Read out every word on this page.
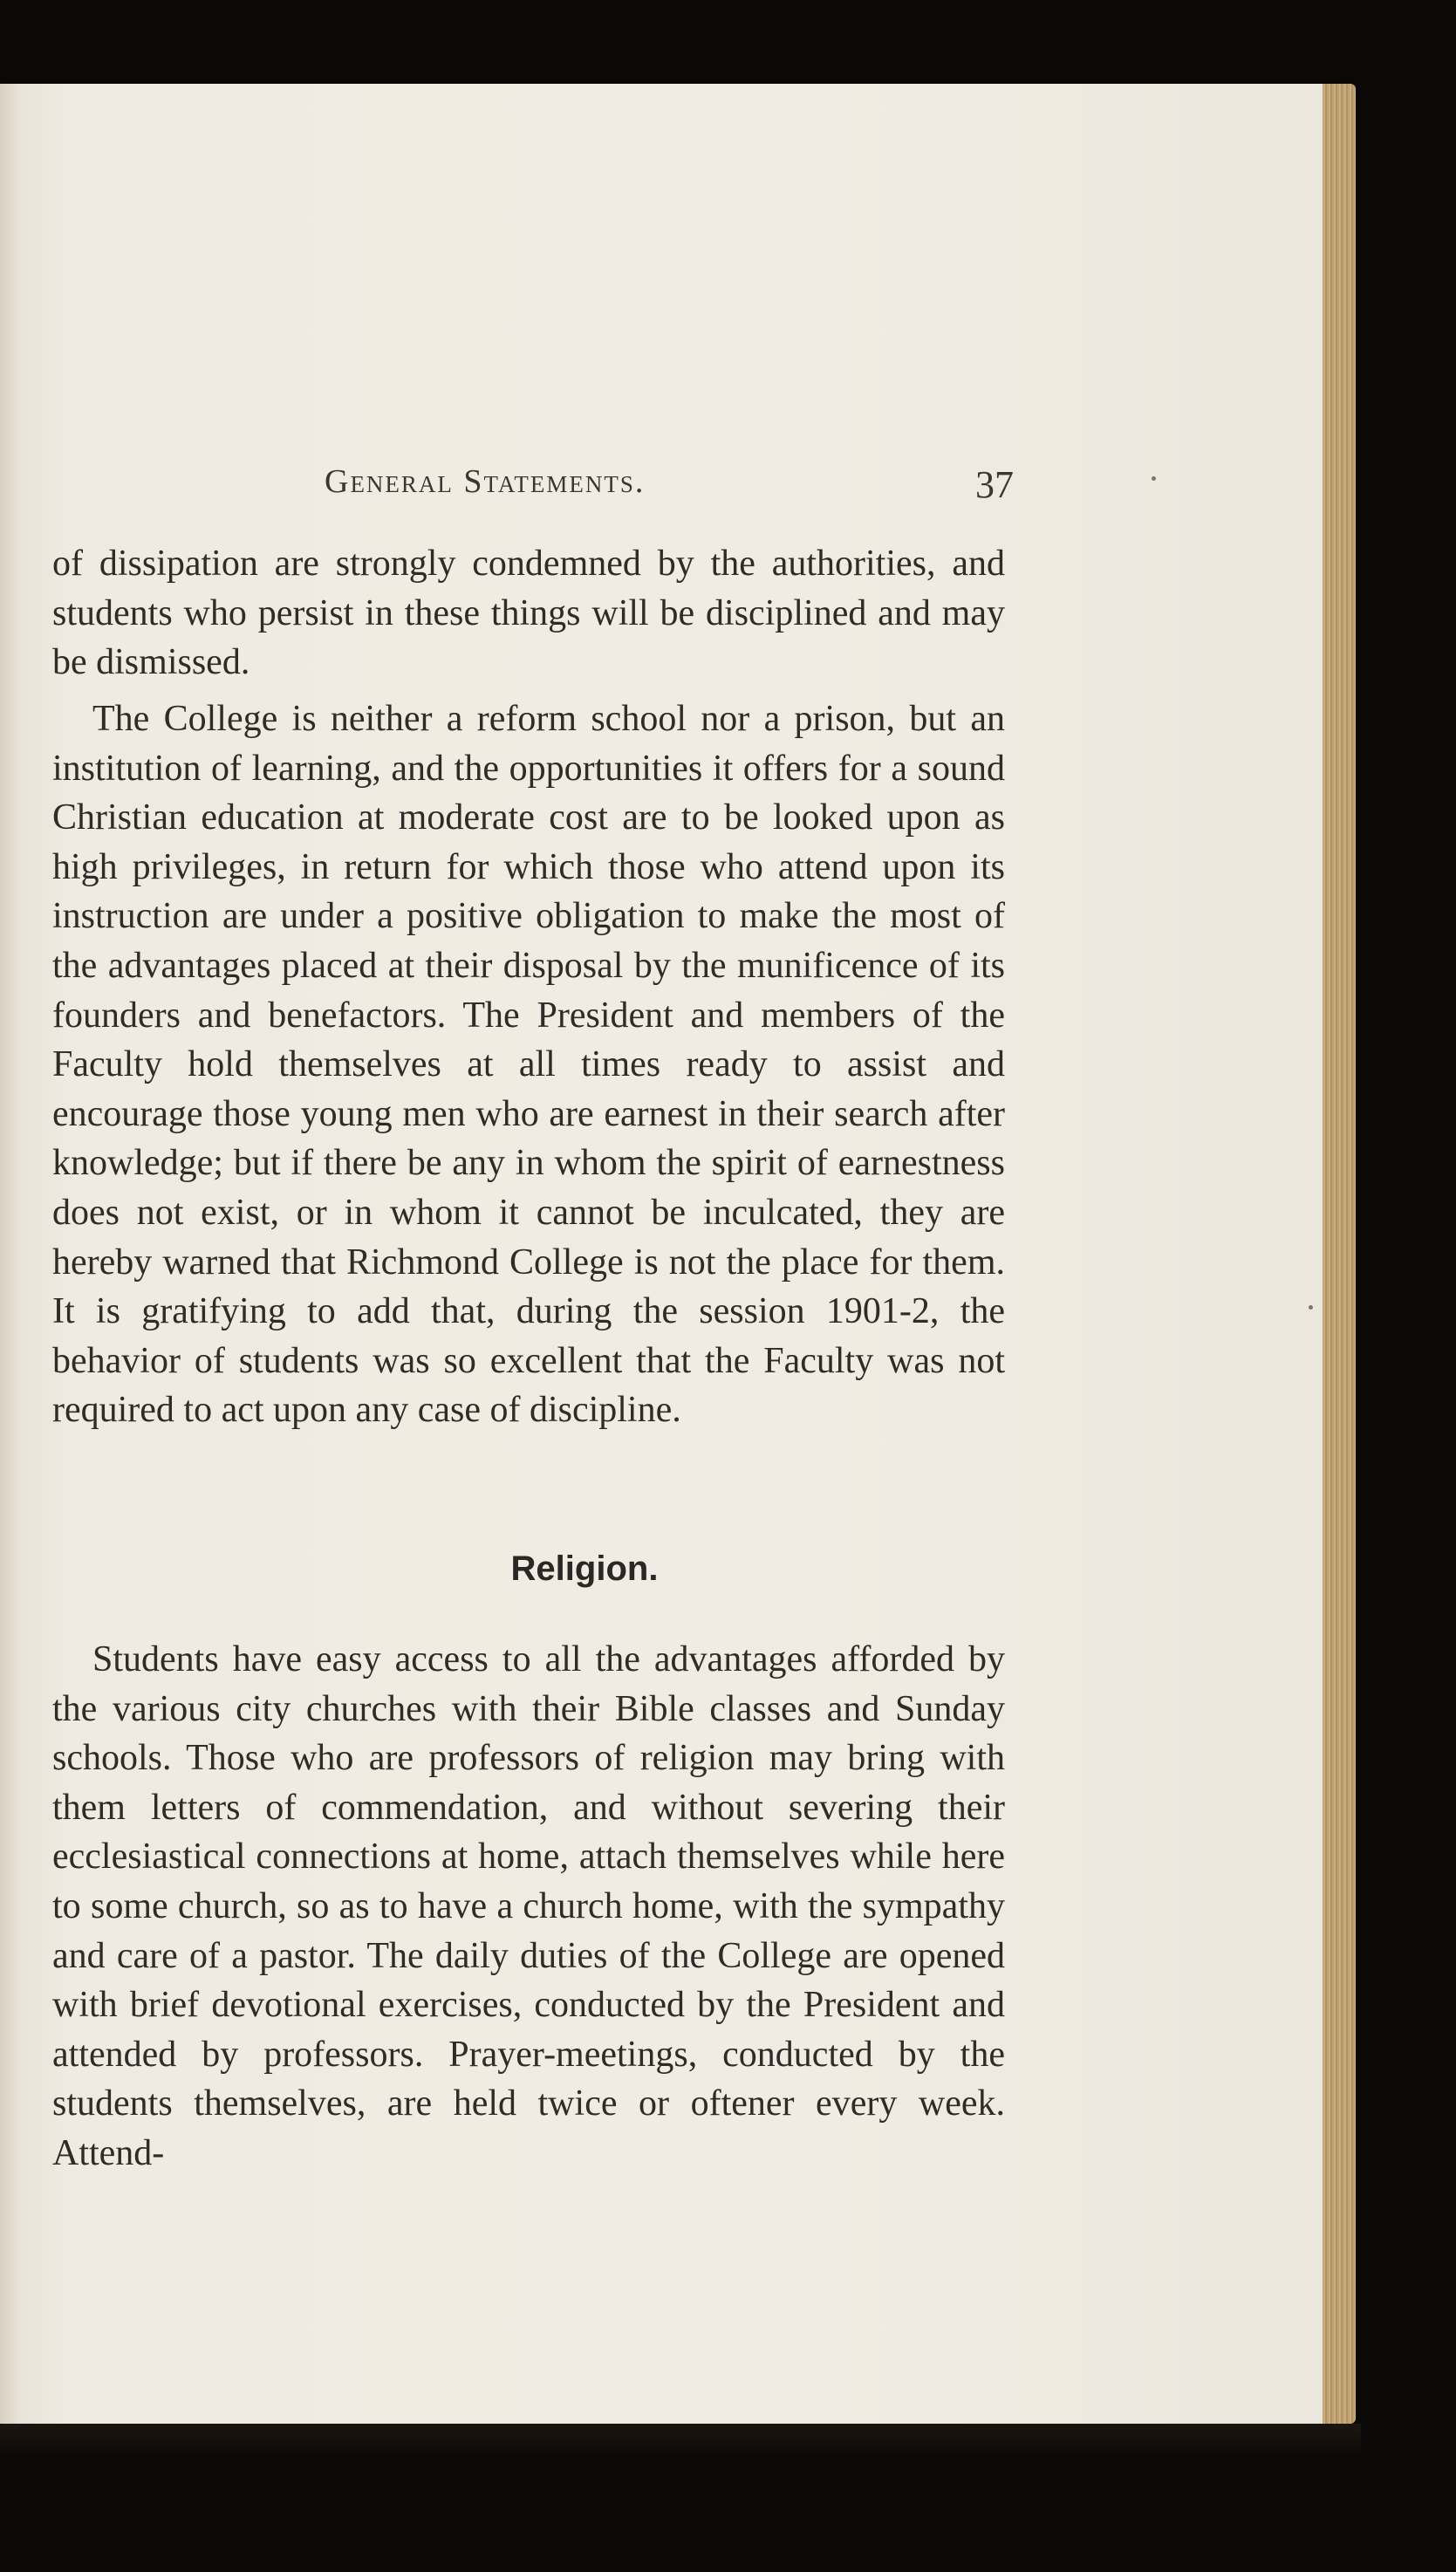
General Statements.	37

of dissipation are strongly condemned by the authorities, and students who persist in these things will be disciplined and may be dismissed.

The College is neither a reform school nor a prison, but an institution of learning, and the opportunities it offers for a sound Christian education at moderate cost are to be looked upon as high privileges, in return for which those who attend upon its instruction are under a positive obligation to make the most of the advantages placed at their disposal by the munificence of its founders and benefactors. The President and members of the Faculty hold themselves at all times ready to assist and encourage those young men who are earnest in their search after knowledge; but if there be any in whom the spirit of earnestness does not exist, or in whom it cannot be inculcated, they are hereby warned that Richmond College is not the place for them. It is gratifying to add that, during the session 1901-2, the behavior of students was so excellent that the Faculty was not required to act upon any case of discipline.

Religion.

Students have easy access to all the advantages afforded by the various city churches with their Bible classes and Sunday schools. Those who are professors of religion may bring with them letters of commendation, and without severing their ecclesiastical connections at home, attach themselves while here to some church, so as to have a church home, with the sympathy and care of a pastor. The daily duties of the College are opened with brief devotional exercises, conducted by the President and attended by professors. Prayer-meetings, conducted by the students themselves, are held twice or oftener every week. Attend-
